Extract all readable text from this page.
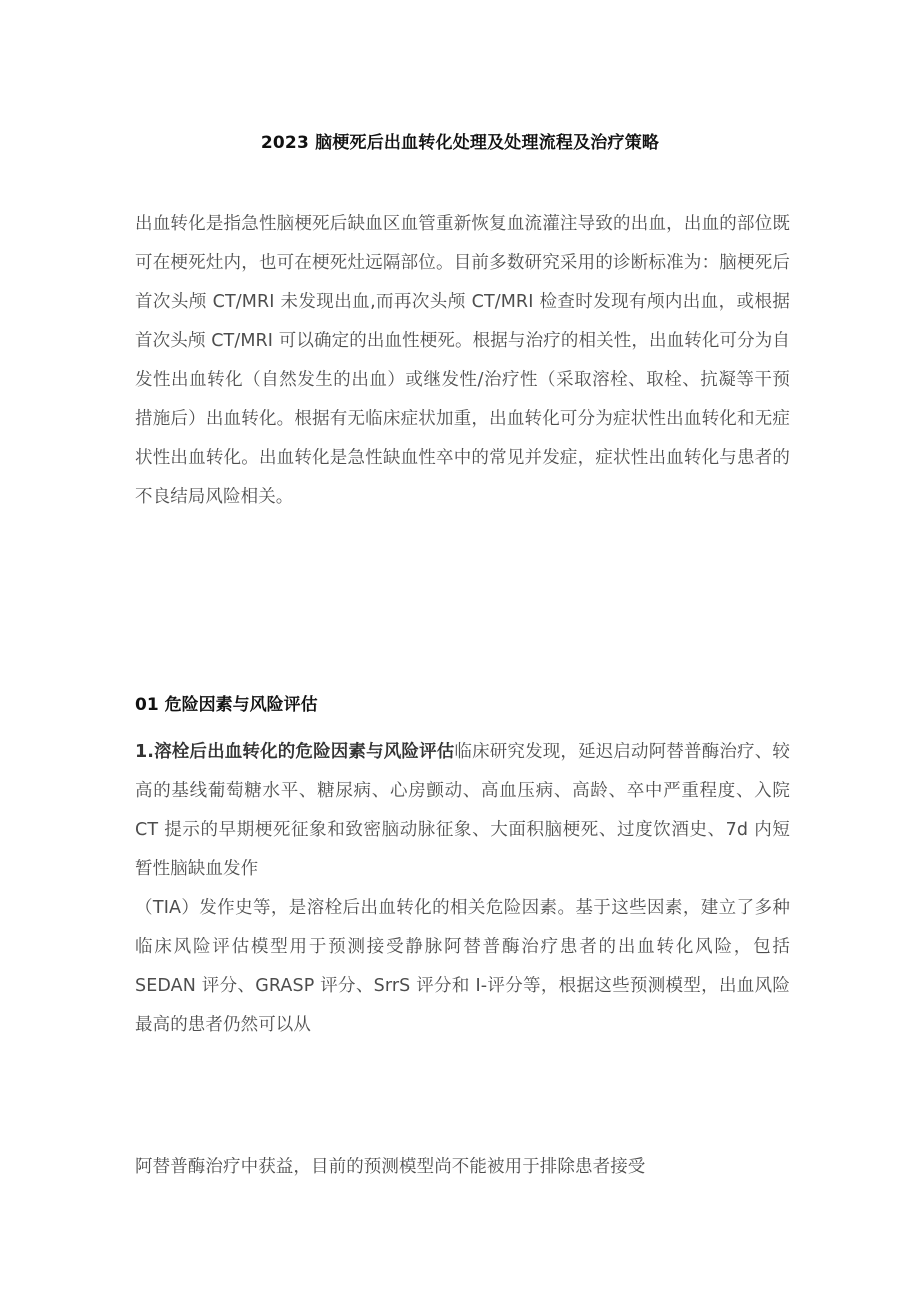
2023 脑梗死后出血转化处理及处理流程及治疗策略
出血转化是指急性脑梗死后缺血区血管重新恢复血流灌注导致的出血，出血的部位既可在梗死灶内，也可在梗死灶远隔部位。目前多数研究采用的诊断标准为：脑梗死后首次头颅 CT/MRI 未发现出血,而再次头颅 CT/MRI 检查时发现有颅内出血，或根据首次头颅 CT/MRI 可以确定的出血性梗死。根据与治疗的相关性，出血转化可分为自发性出血转化（自然发生的出血）或继发性/治疗性（采取溶栓、取栓、抗凝等干预措施后）出血转化。根据有无临床症状加重，出血转化可分为症状性出血转化和无症状性出血转化。出血转化是急性缺血性卒中的常见并发症，症状性出血转化与患者的不良结局风险相关。
01 危险因素与风险评估
1.溶栓后出血转化的危险因素与风险评估临床研究发现，延迟启动阿替普酶治疗、较高的基线葡萄糖水平、糖尿病、心房颤动、高血压病、高龄、卒中严重程度、入院 CT 提示的早期梗死征象和致密脑动脉征象、大面积脑梗死、过度饮酒史、7d 内短暂性脑缺血发作
（TIA）发作史等，是溶栓后出血转化的相关危险因素。基于这些因素，建立了多种临床风险评估模型用于预测接受静脉阿替普酶治疗患者的出血转化风险，包括 SEDAN 评分、GRASP 评分、SrrS 评分和 I-评分等，根据这些预测模型，出血风险最高的患者仍然可以从
阿替普酶治疗中获益，目前的预测模型尚不能被用于排除患者接受
